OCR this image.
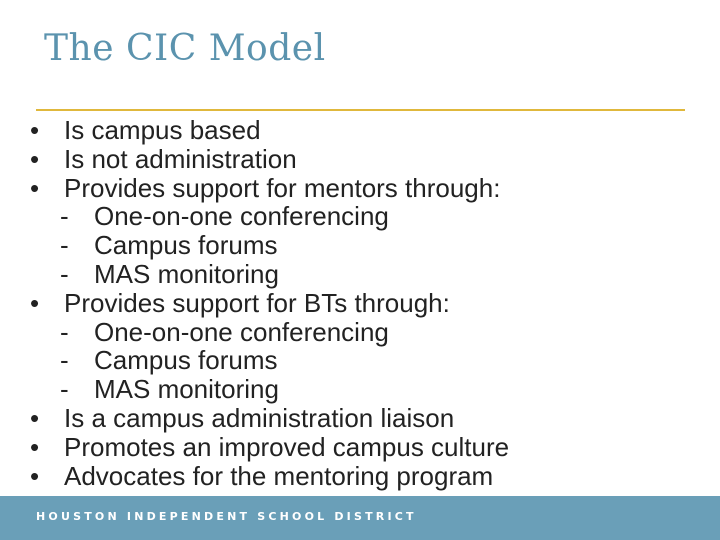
The CIC Model
• Is campus based
• Is not administration
• Provides support for mentors through:
- One-on-one conferencing
- Campus forums
- MAS monitoring
• Provides support for BTs through:
- One-on-one conferencing
- Campus forums
- MAS monitoring
• Is a campus administration liaison
• Promotes an improved campus culture
• Advocates for the mentoring program
HOUSTON INDEPENDENT SCHOOL DISTRICT
